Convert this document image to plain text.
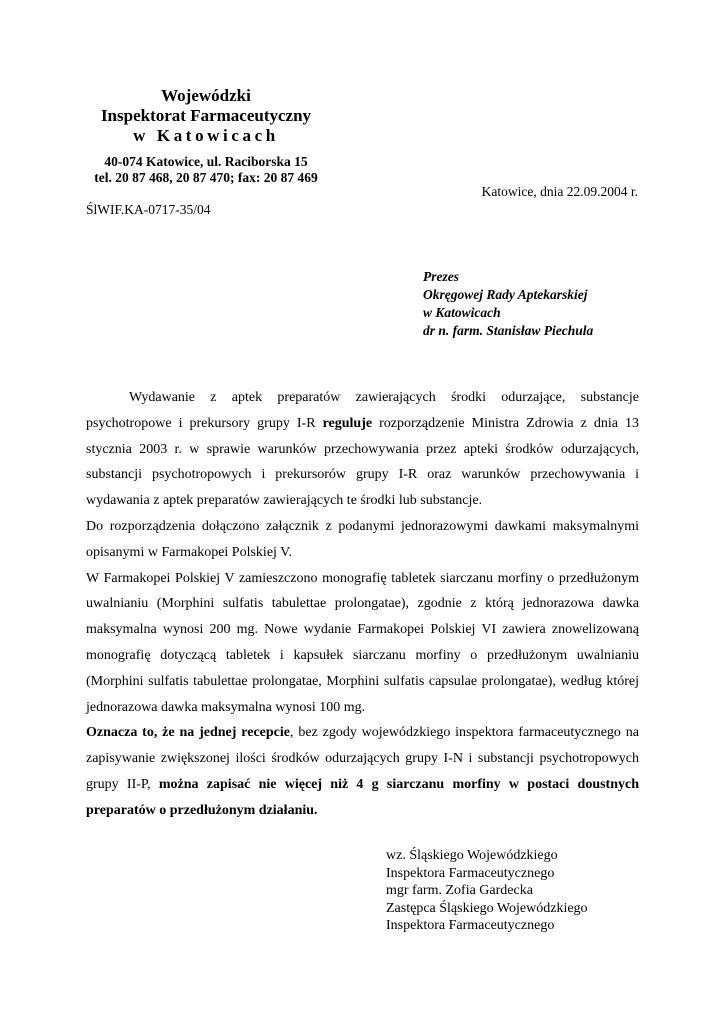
Wojewódzki
Inspektorat Farmaceutyczny
w Katowicach
40-074 Katowice, ul. Raciborska 15
tel. 20 87 468, 20 87 470; fax: 20 87 469
Katowice, dnia 22.09.2004 r.
ŚlWIF.KA-0717-35/04
Prezes
Okręgowej Rady Aptekarskiej
w Katowicach
dr n. farm. Stanisław Piechula

Wydawanie z aptek preparatów zawierających środki odurzające, substancje psychotropowe i prekursory grupy I-R reguluje rozporządzenie Ministra Zdrowia z dnia 13 stycznia 2003 r. w sprawie warunków przechowywania przez apteki środków odurzających, substancji psychotropowych i prekursorów grupy I-R oraz warunków przechowywania i wydawania z aptek preparatów zawierających te środki lub substancje.

Do rozporządzenia dołączono załącznik z podanymi jednorazowymi dawkami maksymalnymi opisanymi w Farmakopei Polskiej V.

W Farmakopei Polskiej V zamieszczono monografię tabletek siarczanu morfiny o przedłużonym uwalnianiu (Morphini sulfatis tabulettae prolongatae), zgodnie z którą jednorazowa dawka maksymalna wynosi 200 mg. Nowe wydanie Farmakopei Polskiej VI zawiera znowelizowaną monografię dotyczącą tabletek i kapsułek siarczanu morfiny o przedłużonym uwalnianiu (Morphini sulfatis tabulettae prolongatae, Morphini sulfatis capsulae prolongatae), według której jednorazowa dawka maksymalna wynosi 100 mg.

Oznacza to, że na jednej recepcie, bez zgody wojewódzkiego inspektora farmaceutycznego na zapisywanie zwiększonej ilości środków odurzających grupy I-N i substancji psychotropowych grupy II-P, można zapisać nie więcej niż 4 g siarczanu morfiny w postaci doustnych preparatów o przedłużonym działaniu.

wz. Śląskiego Wojewódzkiego
Inspektora Farmaceutycznego
mgr farm. Zofia Gardecka
Zastępca Śląskiego Wojewódzkiego
Inspektora Farmaceutycznego
